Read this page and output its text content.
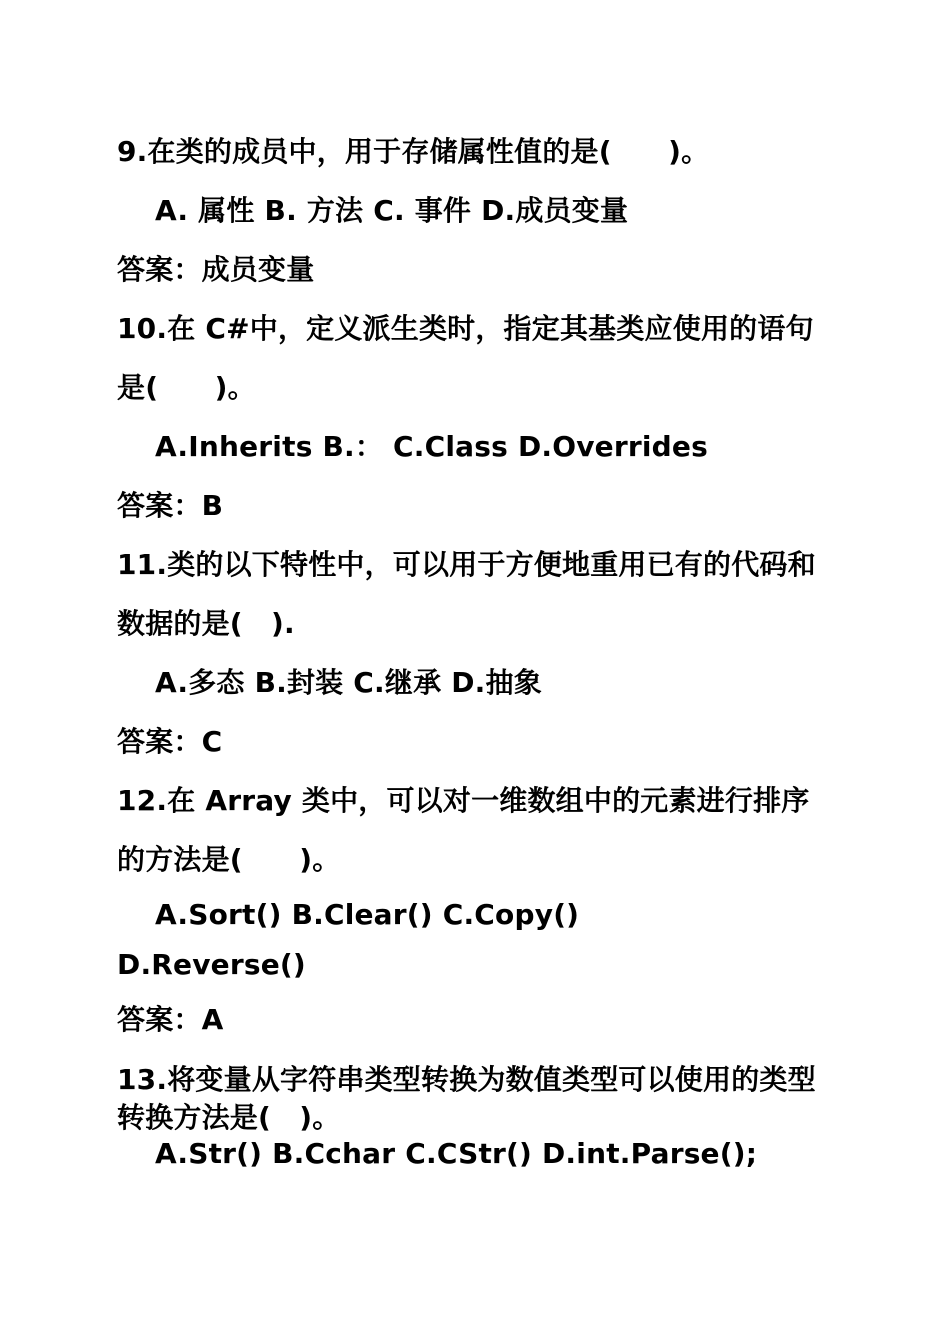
9.在类的成员中，用于存储属性值的是(　　)。
A. 属性 B. 方法 C. 事件 D.成员变量
答案：成员变量
10.在 C#中，定义派生类时，指定其基类应使用的语句
是(　　)。
A.Inherits B.： C.Class D.Overrides
答案：B
11.类的以下特性中，可以用于方便地重用已有的代码和
数据的是(　).
A.多态 B.封装 C.继承 D.抽象
答案：C
12.在 Array 类中，可以对一维数组中的元素进行排序
的方法是(　　)。
A.Sort() B.Clear() C.Copy()
D.Reverse()
答案：A
13.将变量从字符串类型转换为数值类型可以使用的类型
转换方法是(　)。
A.Str() B.Cchar C.CStr() D.int.Parse();
